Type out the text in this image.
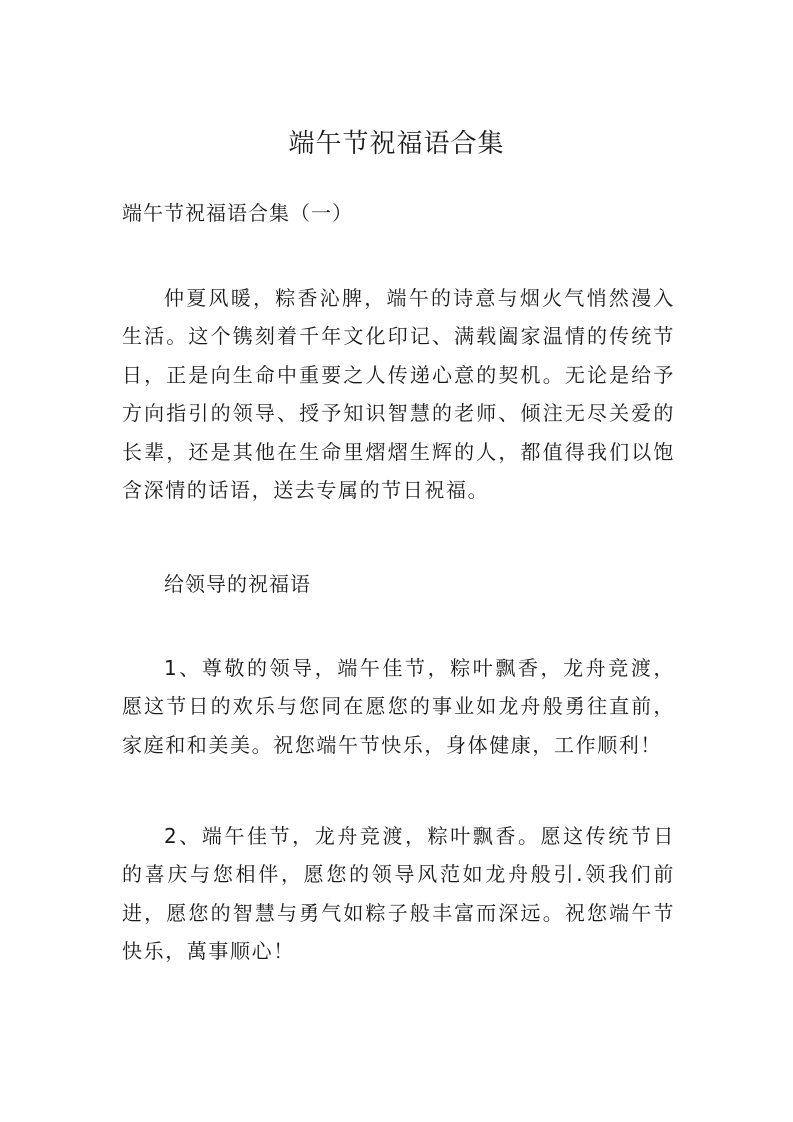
端午节祝福语合集

端午节祝福语合集（一）

仲夏风暖，粽香沁脾，端午的诗意与烟火气悄然漫入生活。这个镌刻着千年文化印记、满载阖家温情的传统节日，正是向生命中重要之人传递心意的契机。无论是给予方向指引的领导、授予知识智慧的老师、倾注无尽关爱的长辈，还是其他在生命里熠熠生辉的人，都值得我们以饱含深情的话语，送去专属的节日祝福。

给领导的祝福语

1、尊敬的领导，端午佳节，粽叶飘香，龙舟竞渡，愿这节日的欢乐与您同在愿您的事业如龙舟般勇往直前，家庭和和美美。祝您端午节快乐，身体健康，工作顺利！

2、端午佳节，龙舟竞渡，粽叶飘香。愿这传统节日的喜庆与您相伴，愿您的领导风范如龙舟般引.领我们前进，愿您的智慧与勇气如粽子般丰富而深远。祝您端午节快乐，萬事顺心！
